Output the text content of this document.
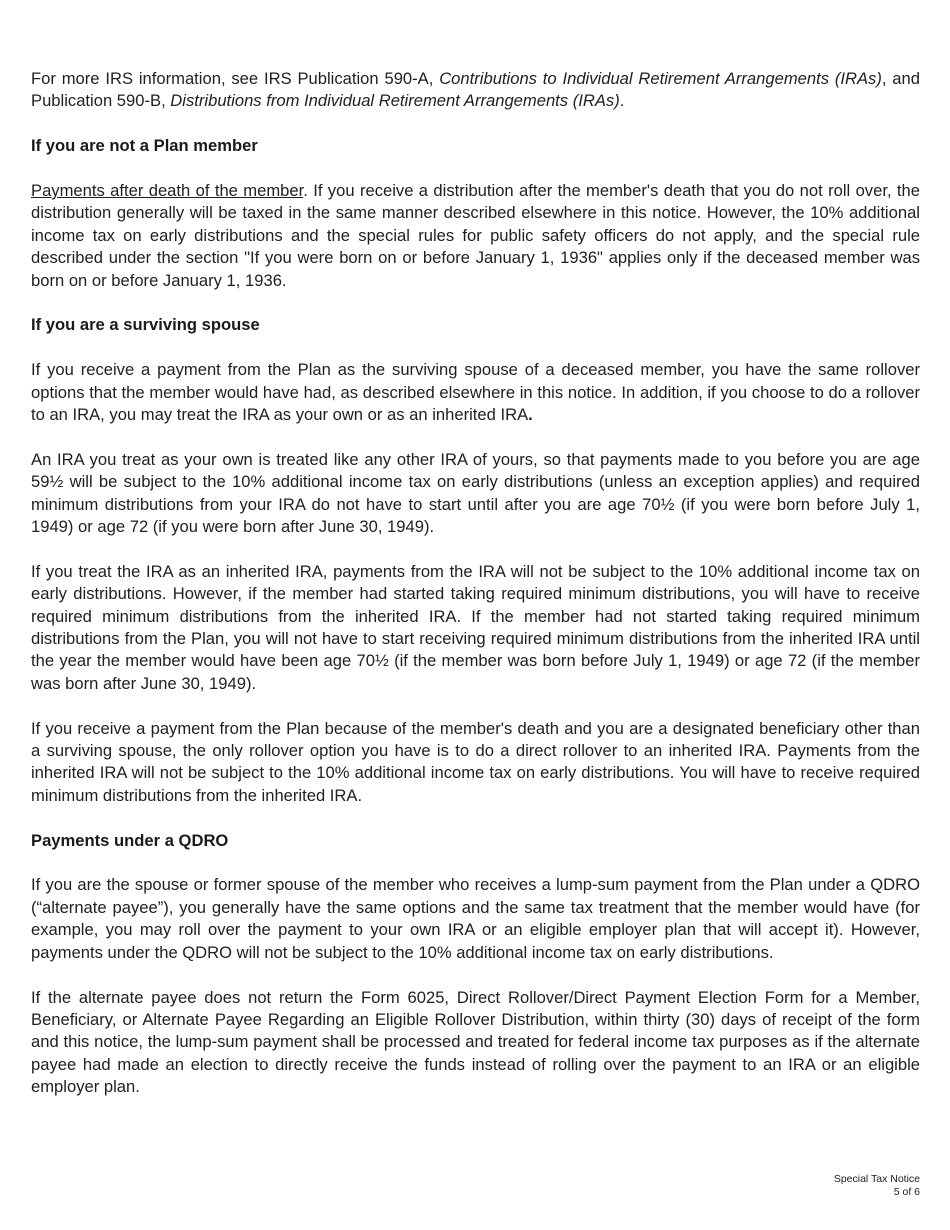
For more IRS information, see IRS Publication 590-A, Contributions to Individual Retirement Arrangements (IRAs), and Publication 590-B, Distributions from Individual Retirement Arrangements (IRAs).

If you are not a Plan member

Payments after death of the member. If you receive a distribution after the member's death that you do not roll over, the distribution generally will be taxed in the same manner described elsewhere in this notice. However, the 10% additional income tax on early distributions and the special rules for public safety officers do not apply, and the special rule described under the section "If you were born on or before January 1, 1936" applies only if the deceased member was born on or before January 1, 1936.

If you are a surviving spouse

If you receive a payment from the Plan as the surviving spouse of a deceased member, you have the same rollover options that the member would have had, as described elsewhere in this notice. In addition, if you choose to do a rollover to an IRA, you may treat the IRA as your own or as an inherited IRA.

An IRA you treat as your own is treated like any other IRA of yours, so that payments made to you before you are age 59½ will be subject to the 10% additional income tax on early distributions (unless an exception applies) and required minimum distributions from your IRA do not have to start until after you are age 70½ (if you were born before July 1, 1949) or age 72 (if you were born after June 30, 1949).

If you treat the IRA as an inherited IRA, payments from the IRA will not be subject to the 10% additional income tax on early distributions. However, if the member had started taking required minimum distributions, you will have to receive required minimum distributions from the inherited IRA. If the member had not started taking required minimum distributions from the Plan, you will not have to start receiving required minimum distributions from the inherited IRA until the year the member would have been age 70½ (if the member was born before July 1, 1949) or age 72 (if the member was born after June 30, 1949).

If you receive a payment from the Plan because of the member's death and you are a designated beneficiary other than a surviving spouse, the only rollover option you have is to do a direct rollover to an inherited IRA. Payments from the inherited IRA will not be subject to the 10% additional income tax on early distributions. You will have to receive required minimum distributions from the inherited IRA.

Payments under a QDRO

If you are the spouse or former spouse of the member who receives a lump-sum payment from the Plan under a QDRO (“alternate payee”), you generally have the same options and the same tax treatment that the member would have (for example, you may roll over the payment to your own IRA or an eligible employer plan that will accept it). However, payments under the QDRO will not be subject to the 10% additional income tax on early distributions.

If the alternate payee does not return the Form 6025, Direct Rollover/Direct Payment Election Form for a Member, Beneficiary, or Alternate Payee Regarding an Eligible Rollover Distribution, within thirty (30) days of receipt of the form and this notice, the lump-sum payment shall be processed and treated for federal income tax purposes as if the alternate payee had made an election to directly receive the funds instead of rolling over the payment to an IRA or an eligible employer plan.

Special Tax Notice
5 of 6
